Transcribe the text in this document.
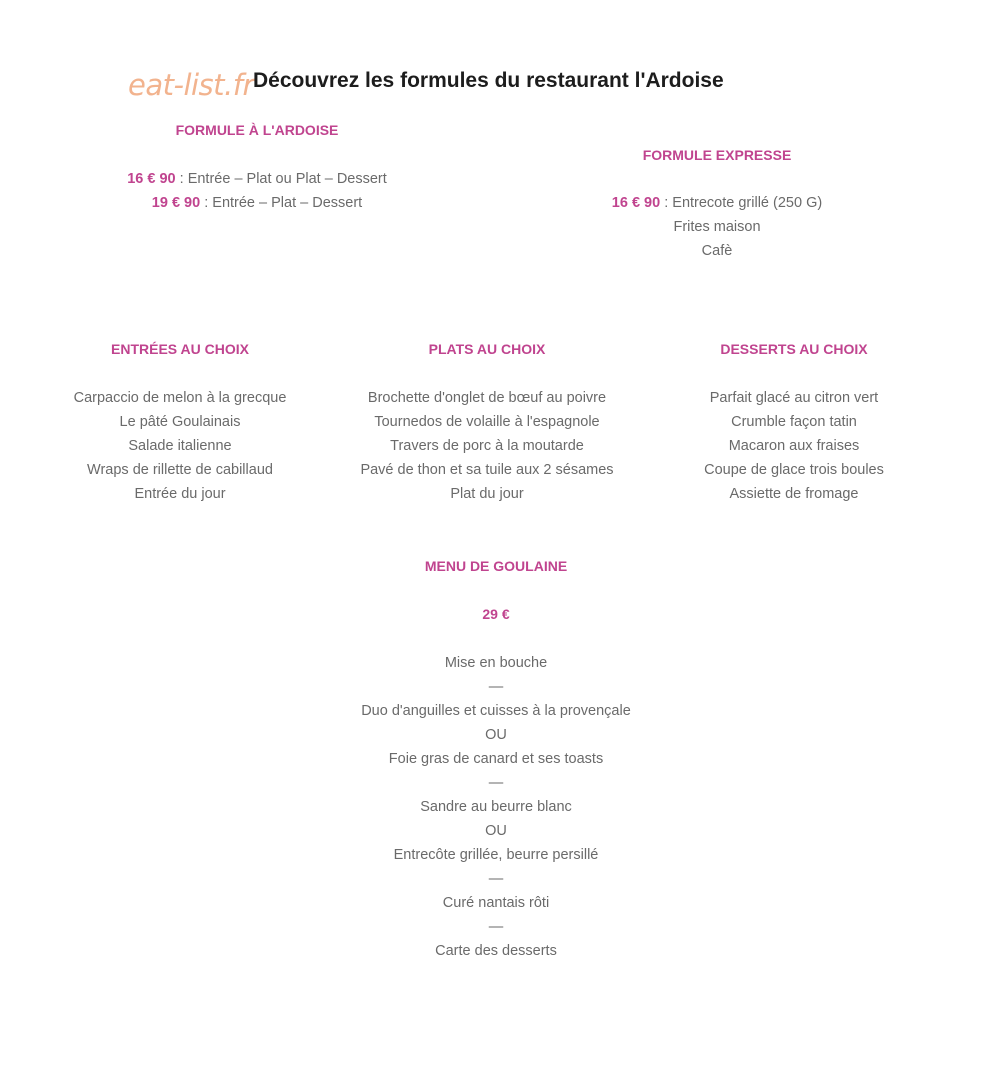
eat-list.fr Découvrez les formules du restaurant l'Ardoise
FORMULE À L'ARDOISE
16 € 90 : Entrée – Plat ou Plat – Dessert
19 € 90 : Entrée – Plat – Dessert
FORMULE EXPRESSE
16 € 90 : Entrecote grillé (250 G)
Frites maison
Cafè
ENTRÉES AU CHOIX
Carpaccio de melon à la grecque
Le pâté Goulainais
Salade italienne
Wraps de rillette de cabillaud
Entrée du jour
PLATS AU CHOIX
Brochette d'onglet de bœuf au poivre
Tournedos de volaille à l'espagnole
Travers de porc à la moutarde
Pavé de thon et sa tuile aux 2 sésames
Plat du jour
DESSERTS AU CHOIX
Parfait glacé au citron vert
Crumble façon tatin
Macaron aux fraises
Coupe de glace trois boules
Assiette de fromage
MENU DE GOULAINE
29 €
Mise en bouche
—
Duo d'anguilles et cuisses à la provençale
OU
Foie gras de canard et ses toasts
—
Sandre au beurre blanc
OU
Entrecôte grillée, beurre persillé
—
Curé nantais rôti
—
Carte des desserts
